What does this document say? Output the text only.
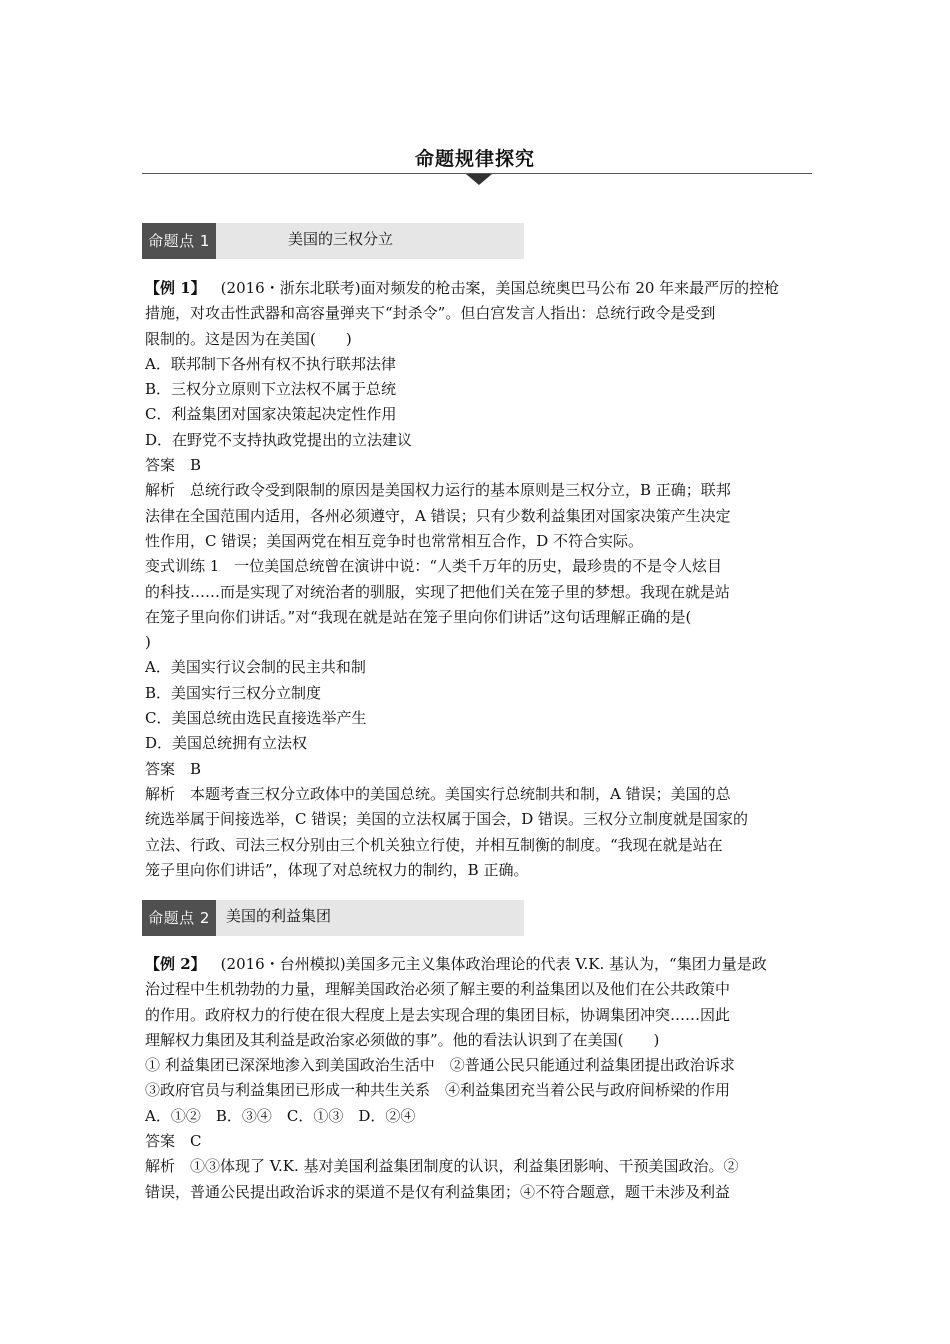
命题规律探究
命题点 1	美国的三权分立
【例 1】 (2016・浙东北联考)面对频发的枪击案，美国总统奥巴马公布 20 年来最严厉的控枪
措施，对攻击性武器和高容量弹夹下“封杀令”。但白宫发言人指出：总统行政令是受到
限制的。这是因为在美国(　　)
A．联邦制下各州有权不执行联邦法律
B．三权分立原则下立法权不属于总统
C．利益集团对国家决策起决定性作用
D．在野党不支持执政党提出的立法建议
答案　B
解析　总统行政令受到限制的原因是美国权力运行的基本原则是三权分立，B 正确；联邦
法律在全国范围内适用，各州必须遵守，A 错误；只有少数利益集团对国家决策产生决定
性作用，C 错误；美国两党在相互竞争时也常常相互合作，D 不符合实际。
变式训练 1　一位美国总统曾在演讲中说：“人类千万年的历史，最珍贵的不是令人炫目
的科技……而是实现了对统治者的驯服，实现了把他们关在笼子里的梦想。我现在就是站
在笼子里向你们讲话。”对“我现在就是站在笼子里向你们讲话”这句话理解正确的是(
)
A．美国实行议会制的民主共和制
B．美国实行三权分立制度
C．美国总统由选民直接选举产生
D．美国总统拥有立法权
答案　B
解析　本题考查三权分立政体中的美国总统。美国实行总统制共和制，A 错误；美国的总
统选举属于间接选举，C 错误；美国的立法权属于国会，D 错误。三权分立制度就是国家的
立法、行政、司法三权分别由三个机关独立行使，并相互制衡的制度。“我现在就是站在
笼子里向你们讲话”，体现了对总统权力的制约，B 正确。
命题点 2	美国的利益集团
【例 2】 (2016・台州模拟)美国多元主义集体政治理论的代表 V.K. 基认为，“集团力量是政
治过程中生机勃勃的力量，理解美国政治必须了解主要的利益集团以及他们在公共政策中
的作用。政府权力的行使在很大程度上是去实现合理的集团目标，协调集团冲突……因此
理解权力集团及其利益是政治家必须做的事”。他的看法认识到了在美国(　　)
① 利益集团已深深地渗入到美国政治生活中　②普通公民只能通过利益集团提出政治诉求
③政府官员与利益集团已形成一种共生关系　④利益集团充当着公民与政府间桥梁的作用
A．①②　B．③④　C．①③　D．②④
答案　C
解析　①③体现了 V.K. 基对美国利益集团制度的认识，利益集团影响、干预美国政治。②
错误，普通公民提出政治诉求的渠道不是仅有利益集团；④不符合题意，题干未涉及利益
